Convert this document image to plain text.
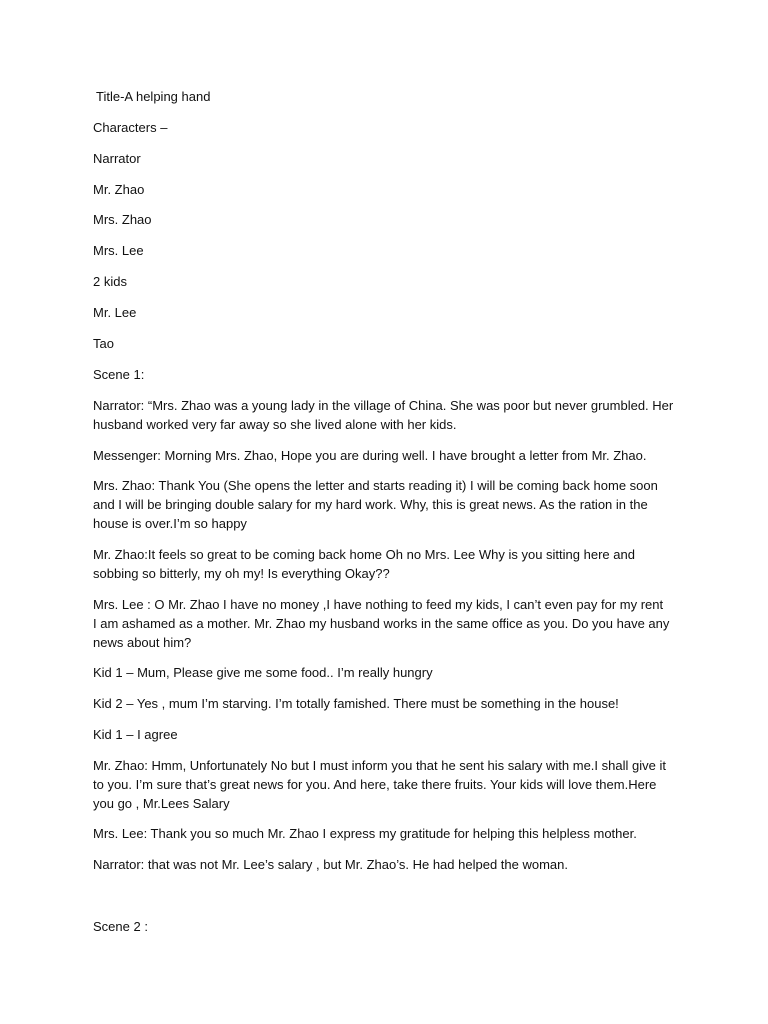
Title-A helping hand

Characters –

Narrator

Mr. Zhao

Mrs. Zhao

Mrs. Lee

2 kids

Mr. Lee

Tao

Scene 1:

Narrator: “Mrs. Zhao was a young lady in the village of China. She was poor but never grumbled. Her
husband worked very far away so she lived alone with her kids.
Messenger: Morning Mrs. Zhao, Hope you are during well. I have brought a letter from Mr. Zhao.
Mrs. Zhao: Thank You (She opens the letter and starts reading it) I will be coming back home soon
and I will be bringing double salary for my hard work. Why, this is great news. As the ration in the
house is over.I’m so happy
Mr. Zhao:It feels so great to be coming back home Oh no Mrs. Lee Why is you sitting here and
sobbing so bitterly, my oh my! Is everything Okay??
Mrs. Lee : O Mr. Zhao I have no money ,I have nothing to feed my kids, I can’t even pay for my rent
I am ashamed as a mother. Mr. Zhao my husband works in the same office as you. Do you have any
news about him?
Kid 1 – Mum, Please give me some food.. I’m really hungry
Kid 2 – Yes , mum I’m starving. I’m totally famished. There must be something in the house!
Kid 1 – I agree
Mr. Zhao: Hmm, Unfortunately No but I must inform you that he sent his salary with me.I shall give it
to you. I’m sure that’s great news for you. And here, take there fruits. Your kids will love them.Here
you go , Mr.Lees Salary
Mrs. Lee: Thank you so much Mr. Zhao I express my gratitude for helping this helpless mother.
Narrator: that was not Mr. Lee’s salary , but Mr. Zhao’s. He had helped the woman.

Scene 2 :
